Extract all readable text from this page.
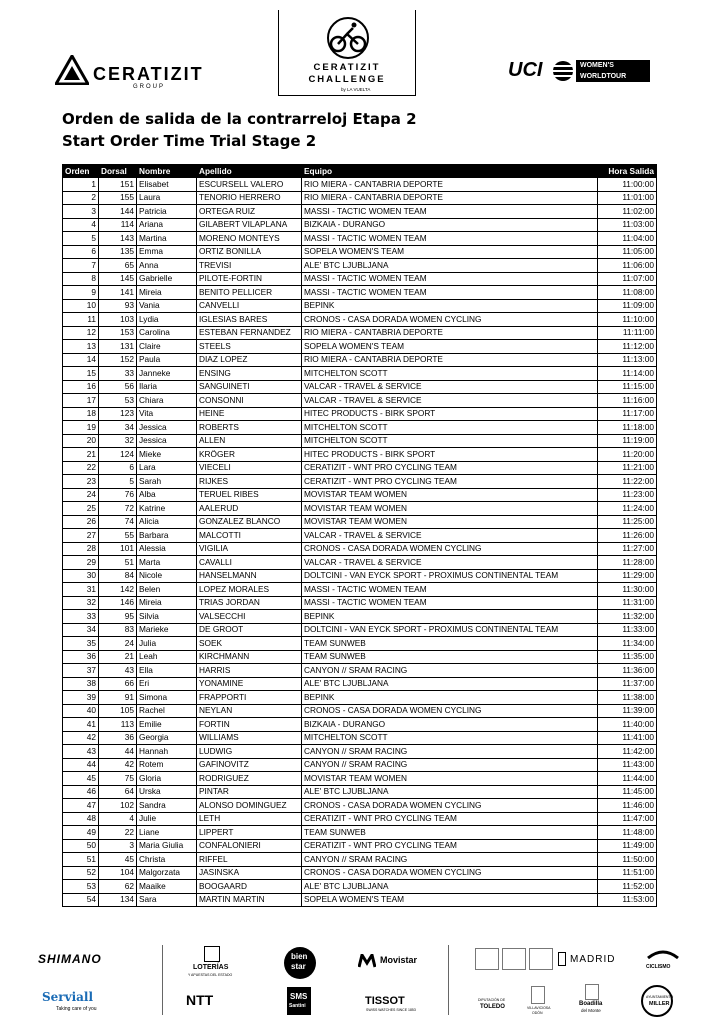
CERATIZIT
GROUP
CERATIZIT
CHALLENGE
by LA VUELTA
UCI	WOMEN'S
WORLDTOUR
Orden de salida de la contrarreloj Etapa 2
Start Order Time Trial Stage 2
Orden	Dorsal	Nombre	Apellido	Equipo	Hora Salida
1	151	Elisabet	ESCURSELL VALERO	RIO MIERA - CANTABRIA DEPORTE	11:00:00
2	155	Laura	TENORIO HERRERO	RIO MIERA - CANTABRIA DEPORTE	11:01:00
3	144	Patricia	ORTEGA RUIZ	MASSI - TACTIC WOMEN TEAM	11:02:00
4	114	Ariana	GILABERT VILAPLANA	BIZKAIA - DURANGO	11:03:00
5	143	Martina	MORENO MONTEYS	MASSI - TACTIC WOMEN TEAM	11:04:00
6	135	Emma	ORTIZ BONILLA	SOPELA WOMEN'S TEAM	11:05:00
7	65	Anna	TREVISI	ALE' BTC LJUBLJANA	11:06:00
8	145	Gabrielle	PILOTE-FORTIN	MASSI - TACTIC WOMEN TEAM	11:07:00
9	141	Mireia	BENITO PELLICER	MASSI - TACTIC WOMEN TEAM	11:08:00
10	93	Vania	CANVELLI	BEPINK	11:09:00
11	103	Lydia	IGLESIAS BARES	CRONOS - CASA DORADA WOMEN CYCLING	11:10:00
12	153	Carolina	ESTEBAN FERNANDEZ	RIO MIERA - CANTABRIA DEPORTE	11:11:00
13	131	Claire	STEELS	SOPELA WOMEN'S TEAM	11:12:00
14	152	Paula	DIAZ LOPEZ	RIO MIERA - CANTABRIA DEPORTE	11:13:00
15	33	Janneke	ENSING	MITCHELTON SCOTT	11:14:00
16	56	Ilaria	SANGUINETI	VALCAR - TRAVEL & SERVICE	11:15:00
17	53	Chiara	CONSONNI	VALCAR - TRAVEL & SERVICE	11:16:00
18	123	Vita	HEINE	HITEC PRODUCTS - BIRK SPORT	11:17:00
19	34	Jessica	ROBERTS	MITCHELTON SCOTT	11:18:00
20	32	Jessica	ALLEN	MITCHELTON SCOTT	11:19:00
21	124	Mieke	KRÖGER	HITEC PRODUCTS - BIRK SPORT	11:20:00
22	6	Lara	VIECELI	CERATIZIT - WNT PRO CYCLING TEAM	11:21:00
23	5	Sarah	RIJKES	CERATIZIT - WNT PRO CYCLING TEAM	11:22:00
24	76	Alba	TERUEL RIBES	MOVISTAR TEAM WOMEN	11:23:00
25	72	Katrine	AALERUD	MOVISTAR TEAM WOMEN	11:24:00
26	74	Alicia	GONZALEZ BLANCO	MOVISTAR TEAM WOMEN	11:25:00
27	55	Barbara	MALCOTTI	VALCAR - TRAVEL & SERVICE	11:26:00
28	101	Alessia	VIGILIA	CRONOS - CASA DORADA WOMEN CYCLING	11:27:00
29	51	Marta	CAVALLI	VALCAR - TRAVEL & SERVICE	11:28:00
30	84	Nicole	HANSELMANN	DOLTCINI - VAN EYCK SPORT - PROXIMUS CONTINENTAL TEAM	11:29:00
31	142	Belen	LOPEZ MORALES	MASSI - TACTIC WOMEN TEAM	11:30:00
32	146	Mireia	TRIAS JORDAN	MASSI - TACTIC WOMEN TEAM	11:31:00
33	95	Silvia	VALSECCHI	BEPINK	11:32:00
34	83	Marieke	DE GROOT	DOLTCINI - VAN EYCK SPORT - PROXIMUS CONTINENTAL TEAM	11:33:00
35	24	Julia	SOEK	TEAM SUNWEB	11:34:00
36	21	Leah	KIRCHMANN	TEAM SUNWEB	11:35:00
37	43	Ella	HARRIS	CANYON // SRAM RACING	11:36:00
38	66	Eri	YONAMINE	ALE' BTC LJUBLJANA	11:37:00
39	91	Simona	FRAPPORTI	BEPINK	11:38:00
40	105	Rachel	NEYLAN	CRONOS - CASA DORADA WOMEN CYCLING	11:39:00
41	113	Emilie	FORTIN	BIZKAIA - DURANGO	11:40:00
42	36	Georgia	WILLIAMS	MITCHELTON SCOTT	11:41:00
43	44	Hannah	LUDWIG	CANYON // SRAM RACING	11:42:00
44	42	Rotem	GAFINOVITZ	CANYON // SRAM RACING	11:43:00
45	75	Gloria	RODRIGUEZ	MOVISTAR TEAM WOMEN	11:44:00
46	64	Urska	PINTAR	ALE' BTC LJUBLJANA	11:45:00
47	102	Sandra	ALONSO DOMINGUEZ	CRONOS - CASA DORADA WOMEN CYCLING	11:46:00
48	4	Julie	LETH	CERATIZIT - WNT PRO CYCLING TEAM	11:47:00
49	22	Liane	LIPPERT	TEAM SUNWEB	11:48:00
50	3	Maria Giulia	CONFALONIERI	CERATIZIT - WNT PRO CYCLING TEAM	11:49:00
51	45	Christa	RIFFEL	CANYON // SRAM RACING	11:50:00
52	104	Malgorzata	JASINSKA	CRONOS - CASA DORADA WOMEN CYCLING	11:51:00
53	62	Maaike	BOOGAARD	ALE' BTC LJUBLJANA	11:52:00
54	134	Sara	MARTIN MARTIN	SOPELA WOMEN'S TEAM	11:53:00
SHIMANO
Serviall
Taking care of you
LOTERÍAS
Y APUESTAS DEL ESTADO
NTT
bien
star
SMS
Santini
Movistar
TISSOT
SWISS WATCHES SINCE 1853
MADRID
CICLISMO
DIPUTACIÓN DE
TOLEDO	VILLAVICIOSA
ODÓN
Boadilla
del Monte
AYUNTAMIENTO
MILLER
